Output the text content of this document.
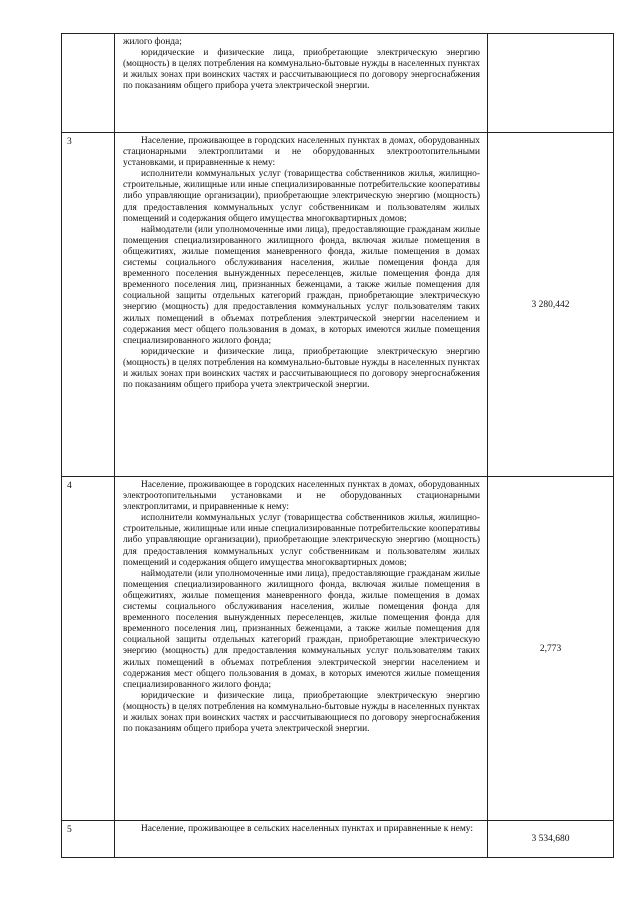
	жилого фонда;

юридические и физические лица, приобретающие электрическую энергию (мощность) в целях потребления на коммунально-бытовые нужды в населенных пунктах и жилых зонах при воинских частях и рассчитывающиеся по договору энергоснабжения по показаниям общего прибора учета электрической энергии.	

3	Население, проживающее в городских населенных пунктах в домах, оборудованных стационарными электроплитами и не оборудованных электроотопительными установками, и приравненные к нему:

исполнители коммунальных услуг (товарищества собственников жилья, жилищно-строительные, жилищные или иные специализированные потребительские кооперативы либо управляющие организации), приобретающие электрическую энергию (мощность) для предоставления коммунальных услуг собственникам и пользователям жилых помещений и содержания общего имущества многоквартирных домов;

наймодатели (или уполномоченные ими лица), предоставляющие гражданам жилые помещения специализированного жилищного фонда, включая жилые помещения в общежитиях, жилые помещения маневренного фонда, жилые помещения в домах системы социального обслуживания населения, жилые помещения фонда для временного поселения вынужденных переселенцев, жилые помещения фонда для временного поселения лиц, признанных беженцами, а также жилые помещения для социальной защиты отдельных категорий граждан, приобретающие электрическую энергию (мощность) для предоставления коммунальных услуг пользователям таких жилых помещений в объемах потребления электрической энергии населением и содержания мест общего пользования в домах, в которых имеются жилые помещения специализированного жилого фонда;

юридические и физические лица, приобретающие электрическую энергию (мощность) в целях потребления на коммунально-бытовые нужды в населенных пунктах и жилых зонах при воинских частях и рассчитывающиеся по договору энергоснабжения по показаниям общего прибора учета электрической энергии.	3 280,442
4	Население, проживающее в городских населенных пунктах в домах, оборудованных электроотопительными установками и не оборудованных стационарными электроплитами, и приравненные к нему:

исполнители коммунальных услуг (товарищества собственников жилья, жилищно-строительные, жилищные или иные специализированные потребительские кооперативы либо управляющие организации), приобретающие электрическую энергию (мощность) для предоставления коммунальных услуг собственникам и пользователям жилых помещений и содержания общего имущества многоквартирных домов;

наймодатели (или уполномоченные ими лица), предоставляющие гражданам жилые помещения специализированного жилищного фонда, включая жилые помещения в общежитиях, жилые помещения маневренного фонда, жилые помещения в домах системы социального обслуживания населения, жилые помещения фонда для временного поселения вынужденных переселенцев, жилые помещения фонда для временного поселения лиц, признанных беженцами, а также жилые помещения для социальной защиты отдельных категорий граждан, приобретающие электрическую энергию (мощность) для предоставления коммунальных услуг пользователям таких жилых помещений в объемах потребления электрической энергии населением и содержания мест общего пользования в домах, в которых имеются жилые помещения специализированного жилого фонда;

юридические и физические лица, приобретающие электрическую энергию (мощность) в целях потребления на коммунально-бытовые нужды в населенных пунктах и жилых зонах при воинских частях и рассчитывающиеся по договору энергоснабжения по показаниям общего прибора учета электрической энергии.	2,773
5	Население, проживающее в сельских населенных пунктах и приравненные к нему:	3 534,680
